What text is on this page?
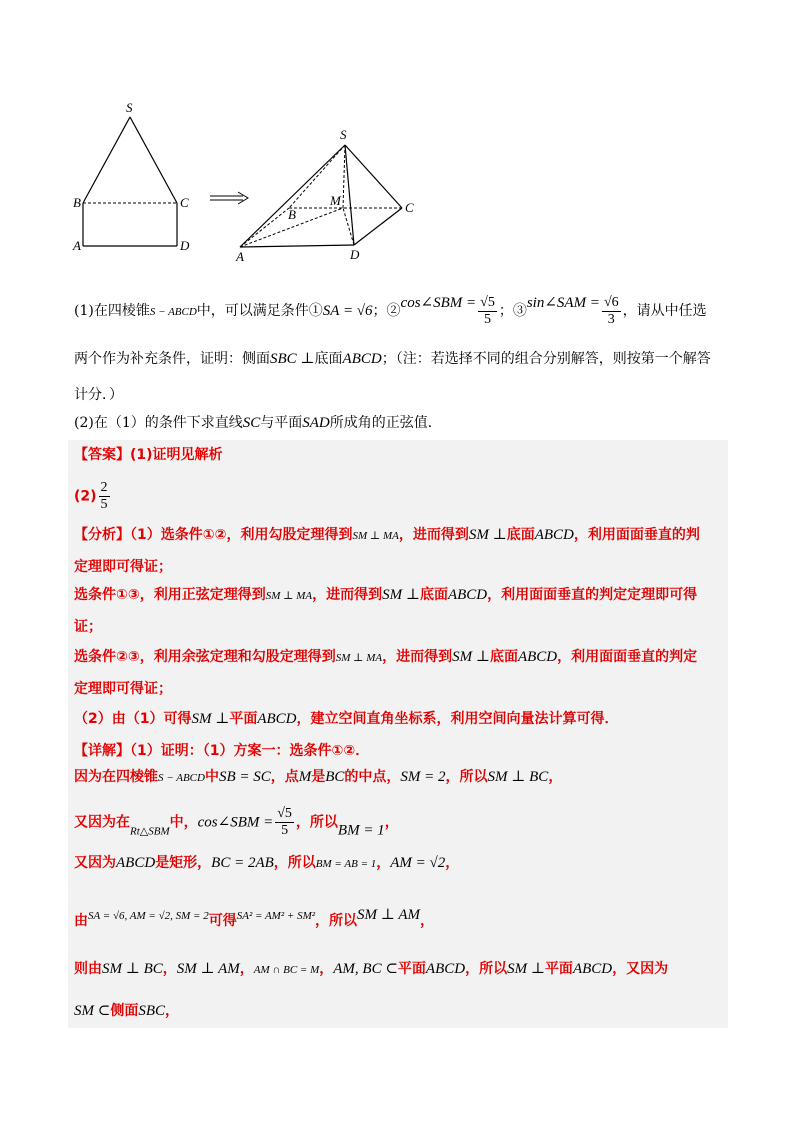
S
B	C
A	D
S
B
M	C
A	D
(1)在四棱锥S − ABCD中，可以满足条件①SA = √6；②cos∠SBM = $\frac{√5}{5}$ ；③sin∠SAM = $\frac{√6}{3}$ ，请从中任选
两个作为补充条件，证明：侧面SBC ⊥底面ABCD；（注：若选择不同的组合分别解答，则按第一个解答
计分．）
(2)在（1）的条件下求直线SC与平面SAD所成角的正弦值．
【答案】(1)证明见解析
$(2) \frac{2}{5}$
【分析】（1）选条件①②，利用勾股定理得到SM ⊥ MA，进而得到SM ⊥底面ABCD，利用面面垂直的判
定理即可得证；
选条件①③，利用正弦定理得到SM ⊥ MA，进而得到SM ⊥底面ABCD，利用面面垂直的判定定理即可得
证；
选条件②③，利用余弦定理和勾股定理得到SM ⊥ MA，进而得到SM ⊥底面ABCD，利用面面垂直的判定
定理即可得证；
（2）由（1）可得SM ⊥平面ABCD，建立空间直角坐标系，利用空间向量法计算可得．
【详解】（1）证明：（1）方案一：选条件①②．
因为在四棱锥S − ABCD中SB = SC，点M是BC的中点，SM = 2，所以SM ⊥ BC，
又因为在$_{Rt\triangle SBM}$中，cos∠SBM = $\frac{√5}{5}$ ，所以BM = 1，
又因为ABCD是矩形，BC = 2AB，所以BM = AB = 1，AM = √2，
由$^{SA = √6, AM = √2, SM = 2}$可得$^{SA^2 = AM^2 + SM^2}$，所以SM ⊥ AM，
则由SM ⊥ BC，SM ⊥ AM，AM ∩ BC = M，AM, BC ⊂平面ABCD，所以SM ⊥平面ABCD，又因为
SM ⊂侧面SBC，
